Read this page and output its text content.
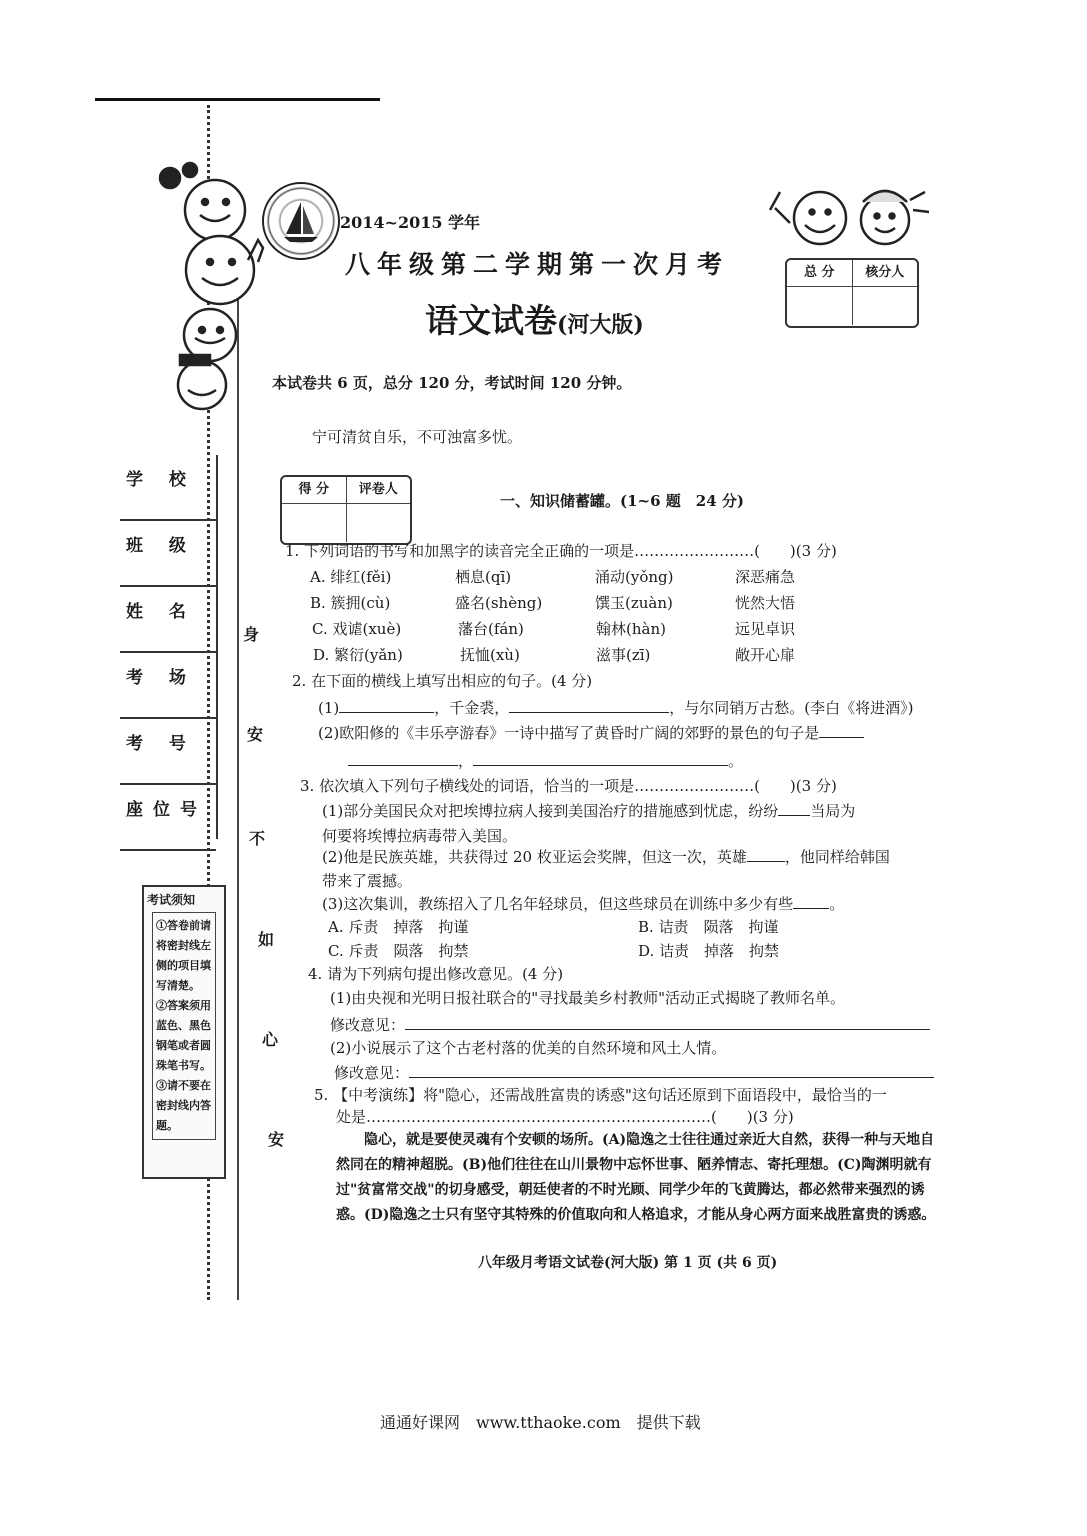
2014~2015 学年
八年级第二学期第一次月考
语文试卷(河大版)
总 分	核分人
本试卷共 6 页，总分 120 分，考试时间 120 分钟。
宁可清贫自乐，不可浊富多忧。
学 校
班 级
姓 名
考 场
考 号
座位号
身
安
不
如
心
安
考试须知
①答卷前请将密封线左侧的项目填写清楚。
②答案须用蓝色、黑色钢笔或者圆珠笔书写。
③请不要在密封线内答题。
得 分	评卷人
一、知识储蓄罐。(1~6 题　24 分)
1. 下列词语的书写和加黑字的读音完全正确的一项是……………………(　　)(3 分)
A. 绯红(fěi)	栖息(qī)	涌动(yǒng)	深恶痛急
B. 簇拥(cù)	盛名(shèng)	馔玉(zuàn)	恍然大悟
C. 戏谑(xuè)	藩台(fán)	翰林(hàn)	远见卓识
D. 繁衍(yǎn)	抚恤(xù)	滋事(zī)	敞开心扉
2. 在下面的横线上填写出相应的句子。(4 分)
(1)	，千金裘，	，与尔同销万古愁。(李白《将进酒》)
(2)欧阳修的《丰乐亭游春》一诗中描写了黄昏时广阔的郊野的景色的句子是
，	。
3. 依次填入下列句子横线处的词语，恰当的一项是……………………(　　)(3 分)
(1)部分美国民众对把埃博拉病人接到美国治疗的措施感到忧虑，纷纷 当局为
何要将埃博拉病毒带入美国。
(2)他是民族英雄，共获得过 20 枚亚运会奖牌，但这一次，英雄	，他同样给韩国
带来了震撼。
(3)这次集训，教练招入了几名年轻球员，但这些球员在训练中多少有些 。
A. 斥责　掉落　拘谨	B. 诘责　陨落　拘谨
C. 斥责　陨落　拘禁	D. 诘责　掉落　拘禁
4. 请为下列病句提出修改意见。(4 分)
(1)由央视和光明日报社联合的"寻找最美乡村教师"活动正式揭晓了教师名单。
修改意见：
(2)小说展示了这个古老村落的优美的自然环境和风土人情。
修改意见：
5. 【中考演练】将"隐心，还需战胜富贵的诱惑"这句话还原到下面语段中，最恰当的一
处是……………………………………………………………(　　)(3 分)
隐心，就是要使灵魂有个安顿的场所。(A)隐逸之士往往通过亲近大自然，获得一种与天地自然同在的精神超脱。(B)他们往往在山川景物中忘怀世事、陋养情志、寄托理想。(C)陶渊明就有过"贫富常交战"的切身感受，朝廷使者的不时光顾、同学少年的飞黄腾达，都必然带来强烈的诱惑。(D)隐逸之士只有坚守其特殊的价值取向和人格追求，才能从身心两方面来战胜富贵的诱惑。
八年级月考语文试卷(河大版) 第 1 页 (共 6 页)
通通好课网　www.tthaoke.com　提供下载
